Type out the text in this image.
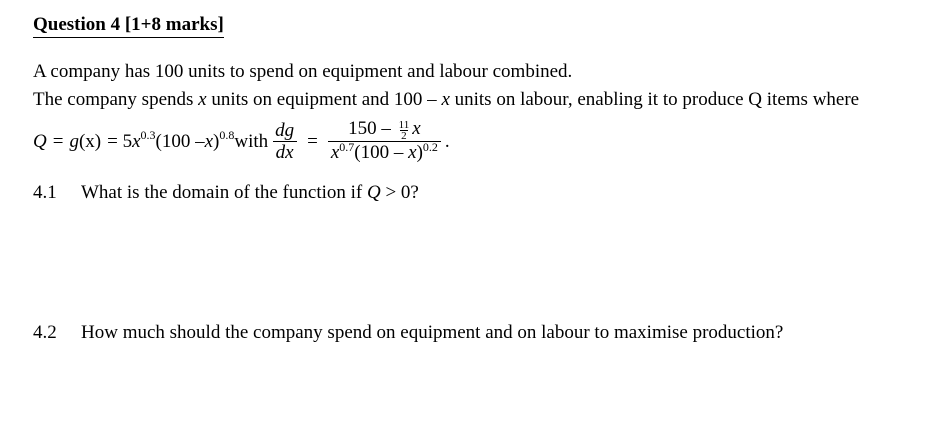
Question 4 [1+8 marks]
A company has 100 units to spend on equipment and labour combined.
The company spends x units on equipment and 100 – x units on labour, enabling it to produce Q items where
Q = g (x) = 5 $x^{0.3}$ (100 – x )$^{0.8}$ with $\frac{dg}{dx} = \frac{150 - \frac{11}{2} x}{x^{0.7}(100 - x)^{0.2}}$ .
4.1 What is the domain of the function if Q > 0?
4.2 How much should the company spend on equipment and on labour to maximise production?
